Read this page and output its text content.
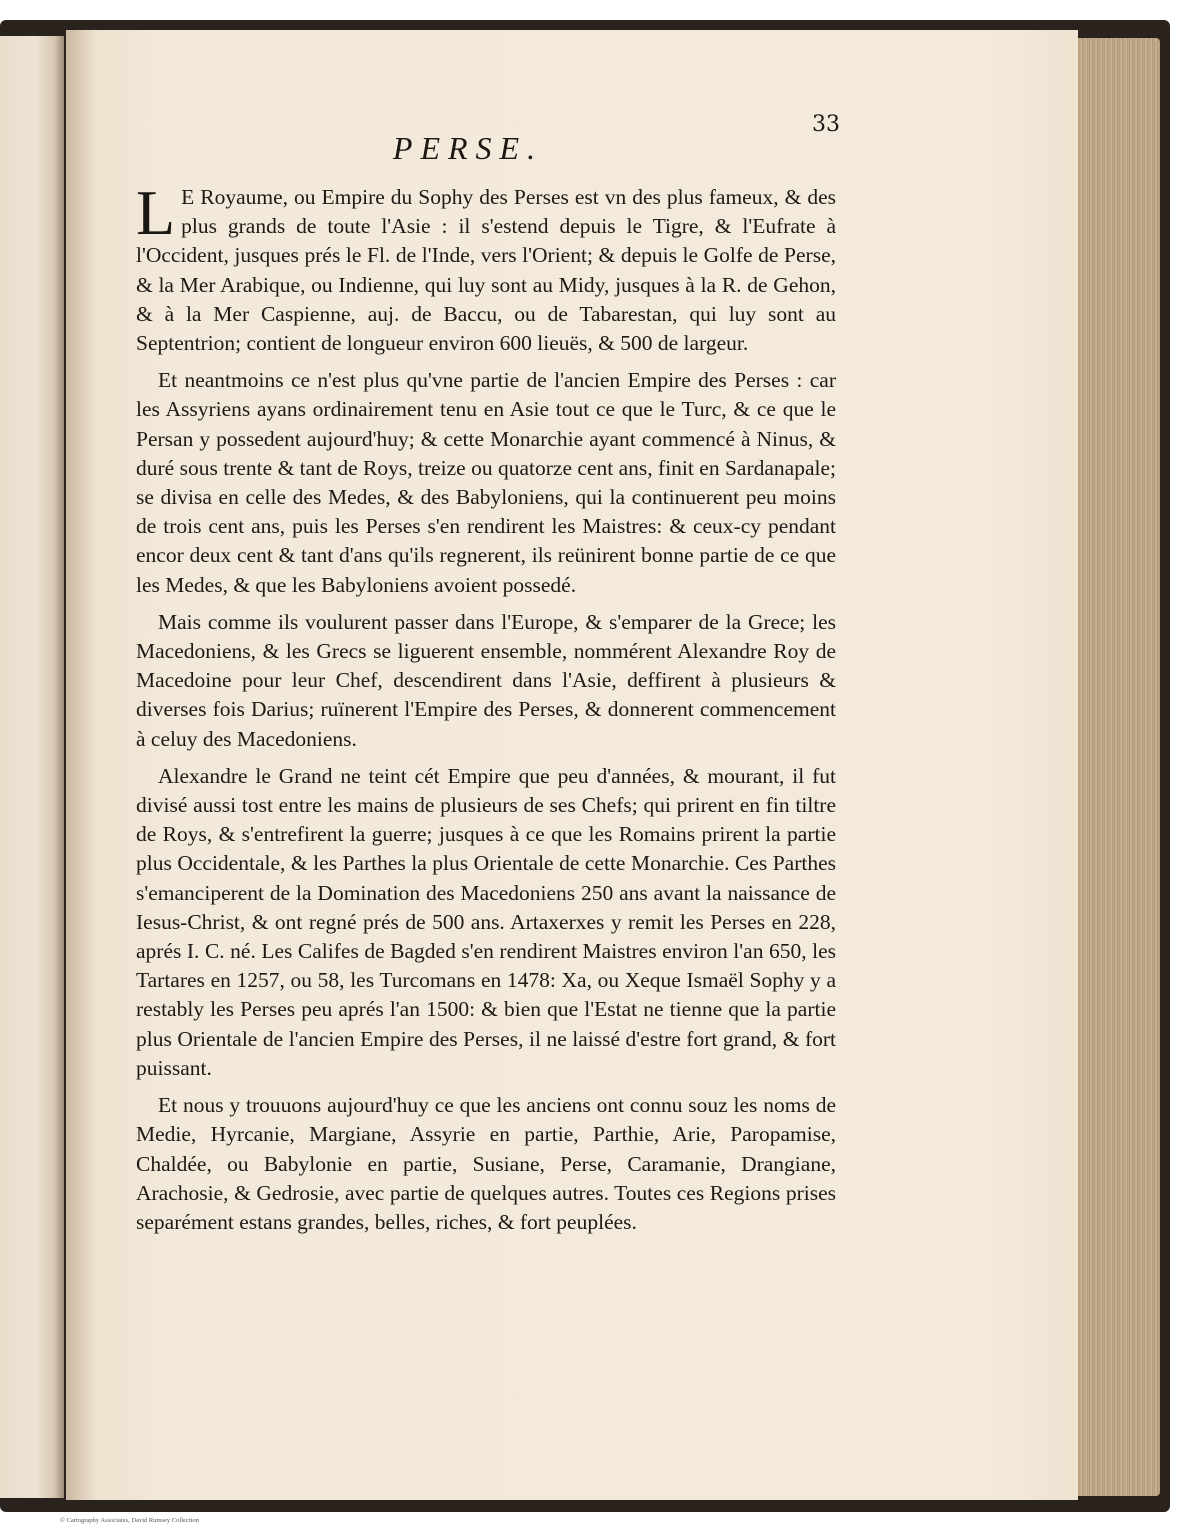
33
PERSE.

L E Royaume, ou Empire du Sophy des Perses est vn des plus fameux, & des plus grands de toute l'Asie : il s'estend depuis le Tigre, & l'Eufrate à l'Occident, jusques prés le Fl. de l'Inde, vers l'Orient; & depuis le Golfe de Perse, & la Mer Arabique, ou Indienne, qui luy sont au Midy, jusques à la R. de Gehon, & à la Mer Caspienne, auj. de Baccu, ou de Tabarestan, qui luy sont au Septentrion; contient de longueur environ 600 lieuës, & 500 de largeur.

Et neantmoins ce n'est plus qu'vne partie de l'ancien Empire des Perses : car les Assyriens ayans ordinairement tenu en Asie tout ce que le Turc, & ce que le Persan y possedent aujourd'huy; & cette Monarchie ayant commencé à Ninus, & duré sous trente & tant de Roys, treize ou quatorze cent ans, finit en Sardanapale; se divisa en celle des Medes, & des Babyloniens, qui la continuerent peu moins de trois cent ans, puis les Perses s'en rendirent les Maistres: & ceux-cy pendant encor deux cent & tant d'ans qu'ils regnerent, ils reünirent bonne partie de ce que les Medes, & que les Babyloniens avoient possedé.

Mais comme ils voulurent passer dans l'Europe, & s'emparer de la Grece; les Macedoniens, & les Grecs se liguerent ensemble, nommérent Alexandre Roy de Macedoine pour leur Chef, descendirent dans l'Asie, deffirent à plusieurs & diverses fois Darius; ruïnerent l'Empire des Perses, & donnerent commencement à celuy des Macedoniens.

Alexandre le Grand ne teint cét Empire que peu d'années, & mourant, il fut divisé aussi tost entre les mains de plusieurs de ses Chefs; qui prirent en fin tiltre de Roys, & s'entrefirent la guerre; jusques à ce que les Romains prirent la partie plus Occidentale, & les Parthes la plus Orientale de cette Monarchie. Ces Parthes s'emanciperent de la Domination des Macedoniens 250 ans avant la naissance de Iesus-Christ, & ont regné prés de 500 ans. Artaxerxes y remit les Perses en 228, aprés I. C. né. Les Califes de Bagded s'en rendirent Maistres environ l'an 650, les Tartares en 1257, ou 58, les Turcomans en 1478: Xa, ou Xeque Ismaël Sophy y a restably les Perses peu aprés l'an 1500: & bien que l'Estat ne tienne que la partie plus Orientale de l'ancien Empire des Perses, il ne laissé d'estre fort grand, & fort puissant.

Et nous y trouuons aujourd'huy ce que les anciens ont connu souz les noms de Medie, Hyrcanie, Margiane, Assyrie en partie, Parthie, Arie, Paropamise, Chaldée, ou Babylonie en partie, Susiane, Perse, Caramanie, Drangiane, Arachosie, & Gedrosie, avec partie de quelques autres. Toutes ces Regions prises separément estans grandes, belles, riches, & fort peuplées.

© Cartography Associates, David Rumsey Collection
